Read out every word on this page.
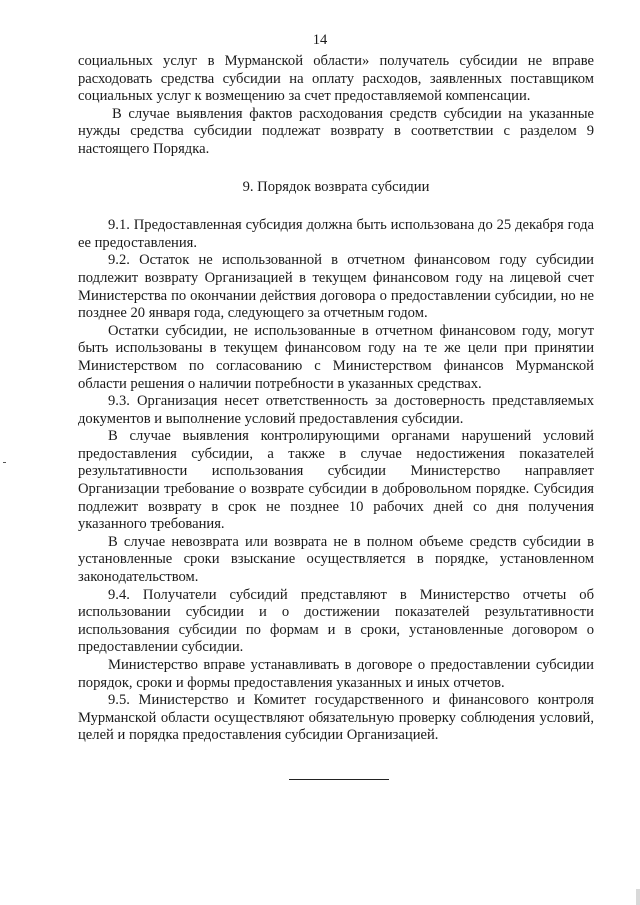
14

социальных услуг в Мурманской области» получатель субсидии не вправе расходовать средства субсидии на оплату расходов, заявленных поставщиком социальных услуг к возмещению за счет предоставляемой компенсации.

В случае выявления фактов расходования средств субсидии на указанные нужды средства субсидии подлежат возврату в соответствии с разделом 9 настоящего Порядка.

9. Порядок возврата субсидии

9.1. Предоставленная субсидия должна быть использована до 25 декабря года ее предоставления.

9.2. Остаток не использованной в отчетном финансовом году субсидии подлежит возврату Организацией в текущем финансовом году на лицевой счет Министерства по окончании действия договора о предоставлении субсидии, но не позднее 20 января года, следующего за отчетным годом.

Остатки субсидии, не использованные в отчетном финансовом году, могут быть использованы в текущем финансовом году на те же цели при принятии Министерством по согласованию с Министерством финансов Мурманской области решения о наличии потребности в указанных средствах.

9.3. Организация несет ответственность за достоверность представляемых документов и выполнение условий предоставления субсидии.

В случае выявления контролирующими органами нарушений условий предоставления субсидии, а также в случае недостижения показателей результативности использования субсидии Министерство направляет Организации требование о возврате субсидии в добровольном порядке. Субсидия подлежит возврату в срок не позднее 10 рабочих дней со дня получения указанного требования.

В случае невозврата или возврата не в полном объеме средств субсидии в установленные сроки взыскание осуществляется в порядке, установленном законодательством.

9.4. Получатели субсидий представляют в Министерство отчеты об использовании субсидии и о достижении показателей результативности использования субсидии по формам и в сроки, установленные договором о предоставлении субсидии.

Министерство вправе устанавливать в договоре о предоставлении субсидии порядок, сроки и формы предоставления указанных и иных отчетов.

9.5. Министерство и Комитет государственного и финансового контроля Мурманской области осуществляют обязательную проверку соблюдения условий, целей и порядка предоставления субсидии Организацией.
